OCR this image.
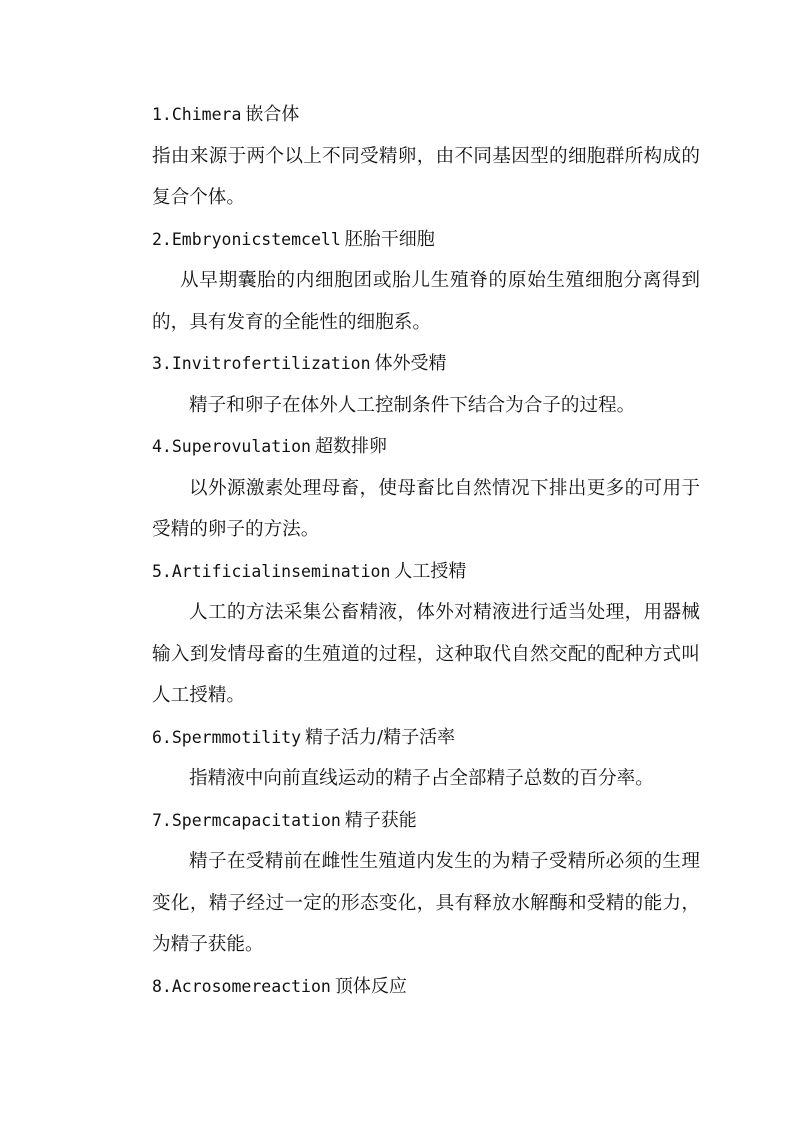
1.Chimera 嵌合体

指由来源于两个以上不同受精卵，由不同基因型的细胞群所构成的复合个体。

2.Embryonicstemcell 胚胎干细胞

从早期囊胎的内细胞团或胎儿生殖脊的原始生殖细胞分离得到的，具有发育的全能性的细胞系。

3.Invitrofertilization 体外受精

精子和卵子在体外人工控制条件下结合为合子的过程。

4.Superovulation 超数排卵

以外源激素处理母畜，使母畜比自然情况下排出更多的可用于受精的卵子的方法。

5.Artificialinsemination 人工授精

人工的方法采集公畜精液，体外对精液进行适当处理，用器械输入到发情母畜的生殖道的过程，这种取代自然交配的配种方式叫人工授精。

6.Spermmotility 精子活力/精子活率

指精液中向前直线运动的精子占全部精子总数的百分率。

7.Spermcapacitation 精子获能

精子在受精前在雌性生殖道内发生的为精子受精所必须的生理变化，精子经过一定的形态变化，具有释放水解酶和受精的能力，为精子获能。

8.Acrosomereaction 顶体反应
